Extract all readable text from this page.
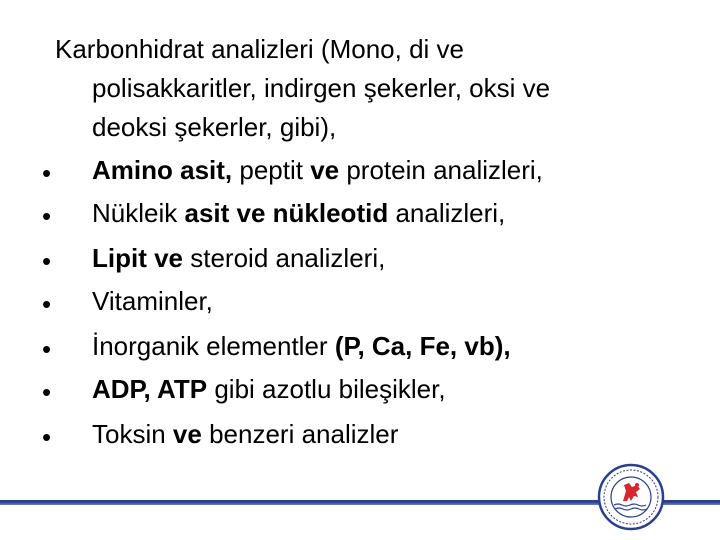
Karbonhidrat analizleri (Mono, di ve
polisakkaritler, indirgen şekerler, oksi ve
deoksi şekerler, gibi),
• Amino asit, peptit ve protein analizleri,
• Nükleik asit ve nükleotid analizleri,
• Lipit ve steroid analizleri,
• Vitaminler,
• İnorganik elementler (P, Ca, Fe, vb),
• ADP, ATP gibi azotlu bileşikler,
• Toksin ve benzeri analizler
